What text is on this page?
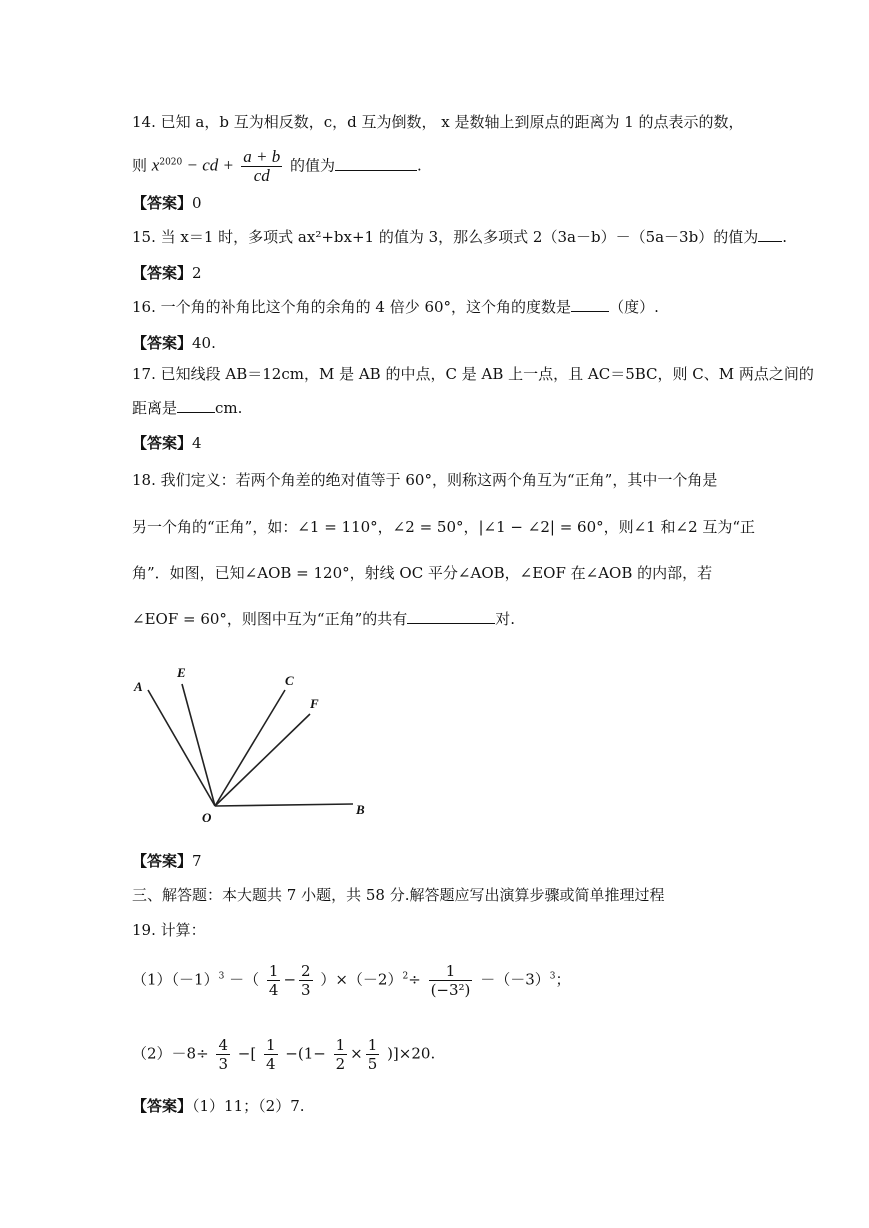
14. 已知 a，b 互为相反数，c，d 互为倒数， x 是数轴上到原点的距离为 1 的点表示的数，
则 $x^{2020}$ − cd + $\frac{a + b}{cd}$ 的值为	.
【答案】0
15. 当 x＝1 时，多项式 ax²+bx+1 的值为 3，那么多项式 2（3a－b）－（5a－3b）的值为 .
【答案】2
16. 一个角的补角比这个角的余角的 4 倍少 60°，这个角的度数是	（度）.
【答案】40.
17. 已知线段 AB＝12cm，M 是 AB 的中点，C 是 AB 上一点，且 AC＝5BC，则 C、M 两点之间的
距离是	cm.
【答案】4
18. 我们定义：若两个角差的绝对值等于 60°，则称这两个角互为“正角”，其中一个角是
另一个角的“正角”，如：∠1 = 110°，∠2 = 50°，|∠1 − ∠2| = 60°，则∠1 和∠2 互为“正
角”．如图，已知∠AOB = 120°，射线 OC 平分∠AOB，∠EOF 在∠AOB 的内部，若
∠EOF = 60°，则图中互为“正角”的共有	对.
A
E
C
F
O
B
【答案】7
三、解答题：本大题共 7 小题，共 58 分.解答题应写出演算步骤或简单推理过程
19. 计算：
$(1)(-1)^3$ －（ $\frac{1}{4} - \frac{2}{3} )\times(-2)^2\div \frac{1}{\text{(−3²)}} -(-3)^3$；
$(2)-8\div \frac{4}{3}$ −[ $\frac{1}{4} -(1- \frac{1}{2} \times \frac{1}{5} )]\times 20$.
【答案】（1）11；（2）7.
